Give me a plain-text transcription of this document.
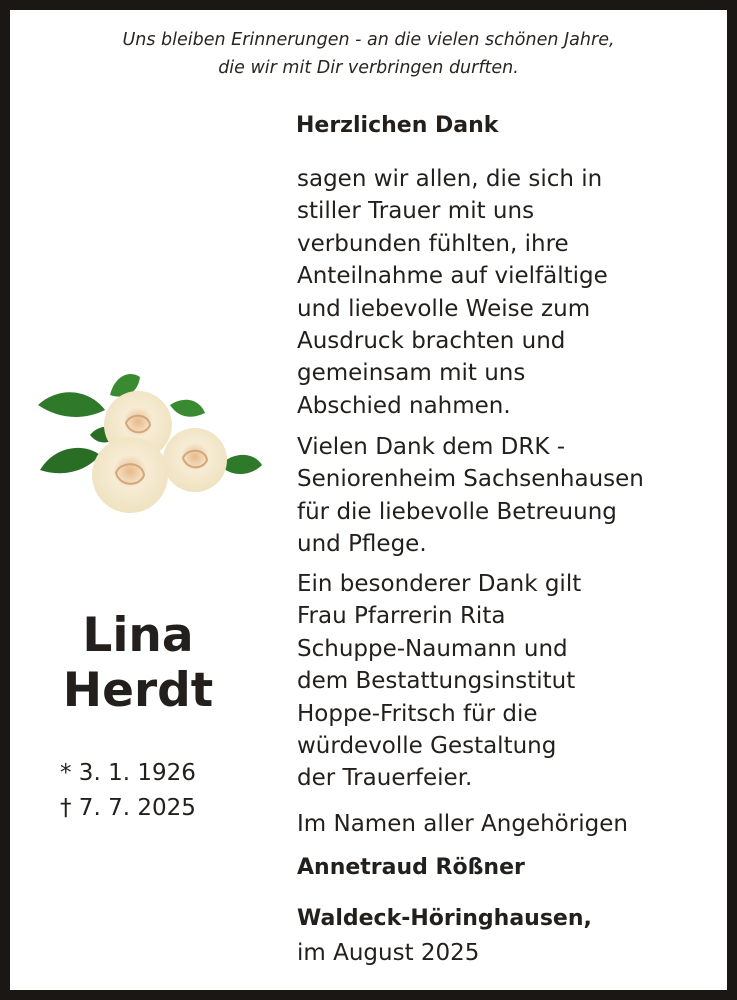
Uns bleiben Erinnerungen - an die vielen schönen Jahre,
die wir mit Dir verbringen durften.
Herzlichen Dank
sagen wir allen, die sich in
stiller Trauer mit uns
verbunden fühlten, ihre
Anteilnahme auf vielfältige
und liebevolle Weise zum
Ausdruck brachten und
gemeinsam mit uns
Abschied nahmen.
Vielen Dank dem DRK -
Seniorenheim Sachsenhausen
für die liebevolle Betreuung
und Pflege.
Ein besonderer Dank gilt
Frau Pfarrerin Rita
Schuppe-Naumann und
dem Bestattungsinstitut
Hoppe-Fritsch für die
würdevolle Gestaltung
der Trauerfeier.
Im Namen aller Angehörigen
Annetraud Rößner
Waldeck-Höringhausen,
im August 2025
Lina
Herdt
* 3. 1. 1926
† 7. 7. 2025
